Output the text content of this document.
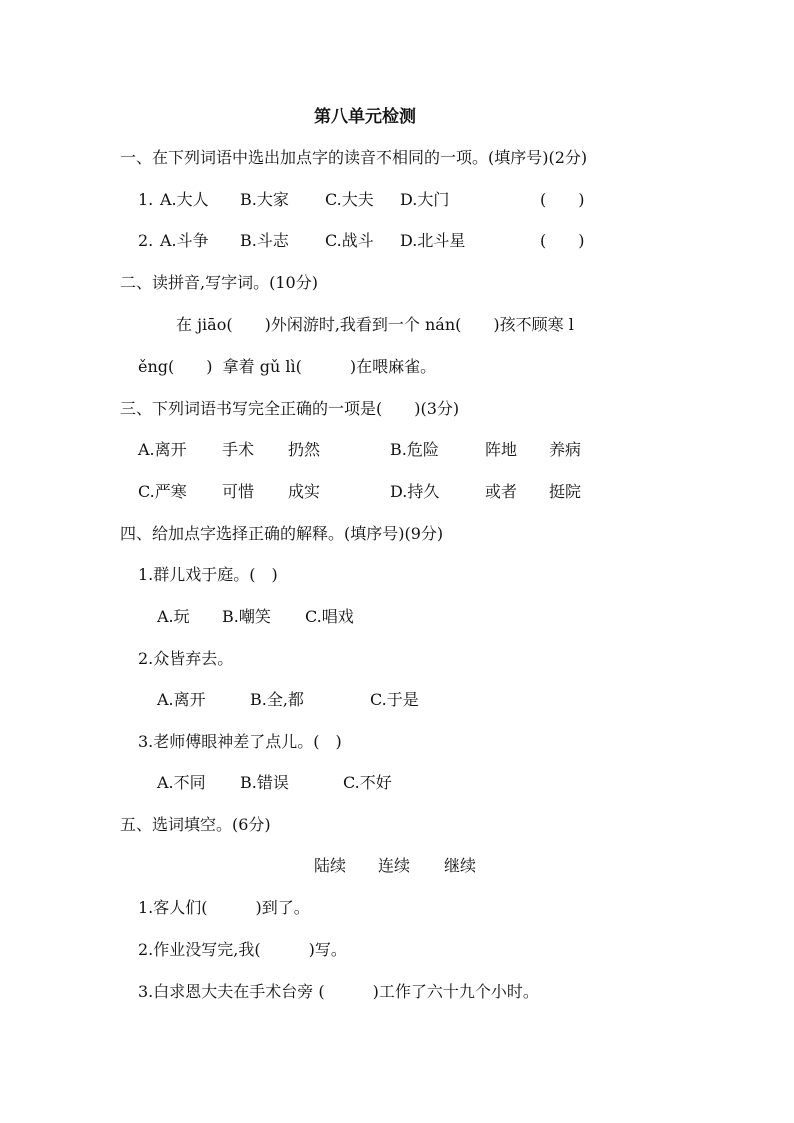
第八单元检测
一、在下列词语中选出加点字的读音不相同的一项。(填序号)(2分)
1. A.大人 B.大家 C.大夫 D.大门	(　　)
2. A.斗争 B.斗志 C.战斗 D.北斗星	(　　)
二、读拼音,写字词。(10分)
在 jiāo(　　)外闲游时,我看到一个 nán(　　)孩不顾寒 l
ěng(　　)  拿着 gǔ lì(　　　)在喂麻雀。
三、下列词语书写完全正确的一项是(　　)(3分)
A.离开 手术 扔然	B.危险	阵地 养病
C.严寒 可惜 成实	D.持久	或者 挺院
四、给加点字选择正确的解释。(填序号)(9分)
1.群儿戏于庭。(　)
A.玩 B.嘲笑 C.唱戏
2.众皆弃去。
A.离开	B.全,都	C.于是
3.老师傅眼神差了点儿。(　)
A.不同 B.错误	C.不好
五、选词填空。(6分)
陆续 连续 继续
1.客人们(　　　)到了。
2.作业没写完,我(　　　)写。
3.白求恩大夫在手术台旁 (　　　)工作了六十九个小时。
